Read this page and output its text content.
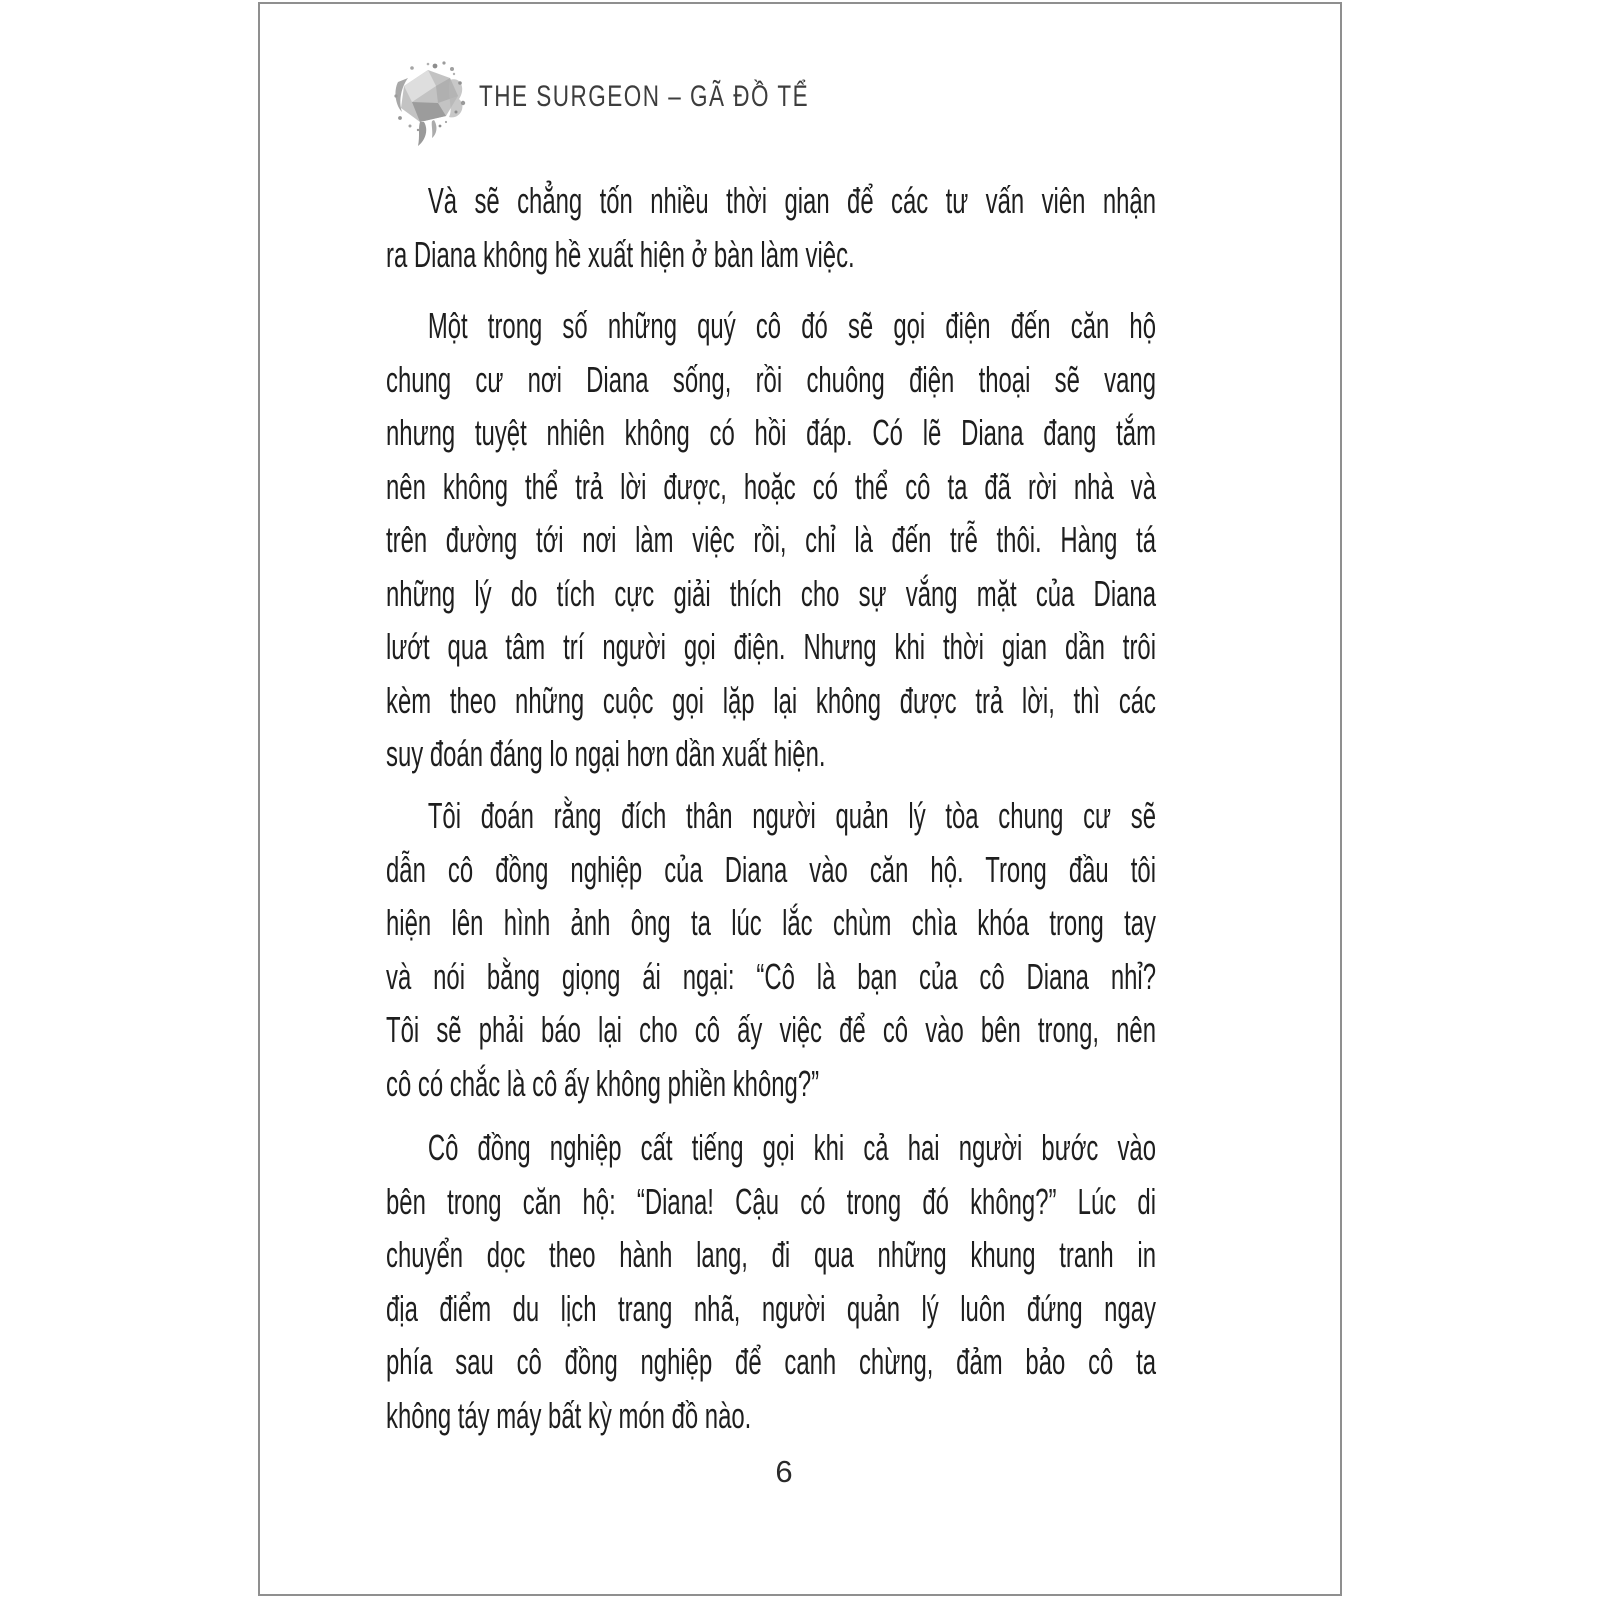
THE SURGEON – GÃ ĐỒ TỂ
Và sẽ chẳng tốn nhiều thời gian để các tư vấn viên nhận
ra Diana không hề xuất hiện ở bàn làm việc.
Một trong số những quý cô đó sẽ gọi điện đến căn hộ
chung cư nơi Diana sống, rồi chuông điện thoại sẽ vang
nhưng tuyệt nhiên không có hồi đáp. Có lẽ Diana đang tắm
nên không thể trả lời được, hoặc có thể cô ta đã rời nhà và
trên đường tới nơi làm việc rồi, chỉ là đến trễ thôi. Hàng tá
những lý do tích cực giải thích cho sự vắng mặt của Diana
lướt qua tâm trí người gọi điện. Nhưng khi thời gian dần trôi
kèm theo những cuộc gọi lặp lại không được trả lời, thì các
suy đoán đáng lo ngại hơn dần xuất hiện.
Tôi đoán rằng đích thân người quản lý tòa chung cư sẽ
dẫn cô đồng nghiệp của Diana vào căn hộ. Trong đầu tôi
hiện lên hình ảnh ông ta lúc lắc chùm chìa khóa trong tay
và nói bằng giọng ái ngại: “Cô là bạn của cô Diana nhỉ?
Tôi sẽ phải báo lại cho cô ấy việc để cô vào bên trong, nên
cô có chắc là cô ấy không phiền không?”
Cô đồng nghiệp cất tiếng gọi khi cả hai người bước vào
bên trong căn hộ: “Diana! Cậu có trong đó không?” Lúc di
chuyển dọc theo hành lang, đi qua những khung tranh in
địa điểm du lịch trang nhã, người quản lý luôn đứng ngay
phía sau cô đồng nghiệp để canh chừng, đảm bảo cô ta
không táy máy bất kỳ món đồ nào.
6
